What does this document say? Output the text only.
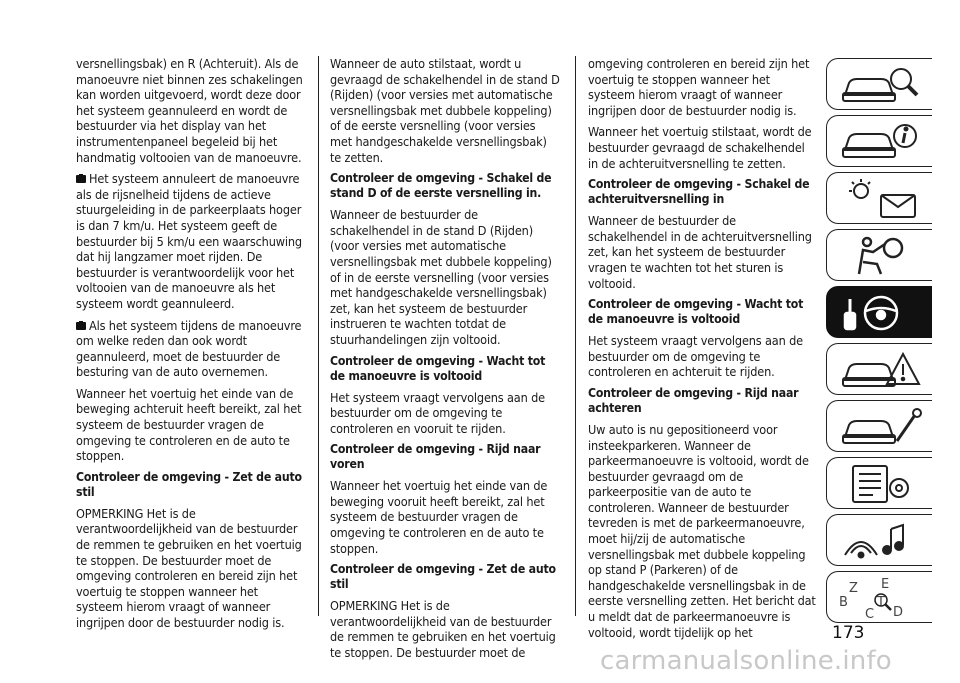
versnellingsbak) en R (Achteruit). Als de manoeuvre niet binnen zes schakelingen kan worden uitgevoerd, wordt deze door het systeem geannuleerd en wordt de bestuurder via het display van het instrumentenpaneel begeleid bij het handmatig voltooien van de manoeuvre.

Het systeem annuleert de manoeuvre als de rijsnelheid tijdens de actieve stuurgeleiding in de parkeerplaats hoger is dan 7 km/u. Het systeem geeft de bestuurder bij 5 km/u een waarschuwing dat hij langzamer moet rijden. De bestuurder is verantwoordelijk voor het voltooien van de manoeuvre als het systeem wordt geannuleerd.

Als het systeem tijdens de manoeuvre om welke reden dan ook wordt geannuleerd, moet de bestuurder de besturing van de auto overnemen.

Wanneer het voertuig het einde van de beweging achteruit heeft bereikt, zal het systeem de bestuurder vragen de omgeving te controleren en de auto te stoppen.

Controleer de omgeving - Zet de auto stil

OPMERKING Het is de verantwoordelijkheid van de bestuurder de remmen te gebruiken en het voertuig te stoppen. De bestuurder moet de omgeving controleren en bereid zijn het voertuig te stoppen wanneer het systeem hierom vraagt of wanneer ingrijpen door de bestuurder nodig is.

Wanneer de auto stilstaat, wordt u gevraagd de schakelhendel in de stand D (Rijden) (voor versies met automatische versnellingsbak met dubbele koppeling) of de eerste versnelling (voor versies met handgeschakelde versnellingsbak) te zetten.

Controleer de omgeving - Schakel de stand D of de eerste versnelling in.

Wanneer de bestuurder de schakelhendel in de stand D (Rijden) (voor versies met automatische versnellingsbak met dubbele koppeling) of in de eerste versnelling (voor versies met handgeschakelde versnellingsbak) zet, kan het systeem de bestuurder instrueren te wachten totdat de stuurhandelingen zijn voltooid.

Controleer de omgeving - Wacht tot de manoeuvre is voltooid

Het systeem vraagt vervolgens aan de bestuurder om de omgeving te controleren en vooruit te rijden.

Controleer de omgeving - Rijd naar voren

Wanneer het voertuig het einde van de beweging vooruit heeft bereikt, zal het systeem de bestuurder vragen de omgeving te controleren en de auto te stoppen.

Controleer de omgeving - Zet de auto stil

OPMERKING Het is de verantwoordelijkheid van de bestuurder de remmen te gebruiken en het voertuig te stoppen. De bestuurder moet de

omgeving controleren en bereid zijn het voertuig te stoppen wanneer het systeem hierom vraagt of wanneer ingrijpen door de bestuurder nodig is.

Wanneer het voertuig stilstaat, wordt de bestuurder gevraagd de schakelhendel in de achteruitversnelling te zetten.

Controleer de omgeving - Schakel de achteruitversnelling in

Wanneer de bestuurder de schakelhendel in de achteruitversnelling zet, kan het systeem de bestuurder vragen te wachten tot het sturen is voltooid.

Controleer de omgeving - Wacht tot de manoeuvre is voltooid

Het systeem vraagt vervolgens aan de bestuurder om de omgeving te controleren en achteruit te rijden.

Controleer de omgeving - Rijd naar achteren

Uw auto is nu gepositioneerd voor insteekparkeren. Wanneer de parkeermanoeuvre is voltooid, wordt de bestuurder gevraagd om de parkeerpositie van de auto te controleren. Wanneer de bestuurder tevreden is met de parkeermanoeuvre, moet hij/zij de automatische versnellingsbak met dubbele koppeling op stand P (Parkeren) of de handgeschakelde versnellingsbak in de eerste versnelling zetten. Het bericht dat u meldt dat de parkeermanoeuvre is voltooid, wordt tijdelijk op het

Z E
B
C
T
D
173
carmanualsonline.info
